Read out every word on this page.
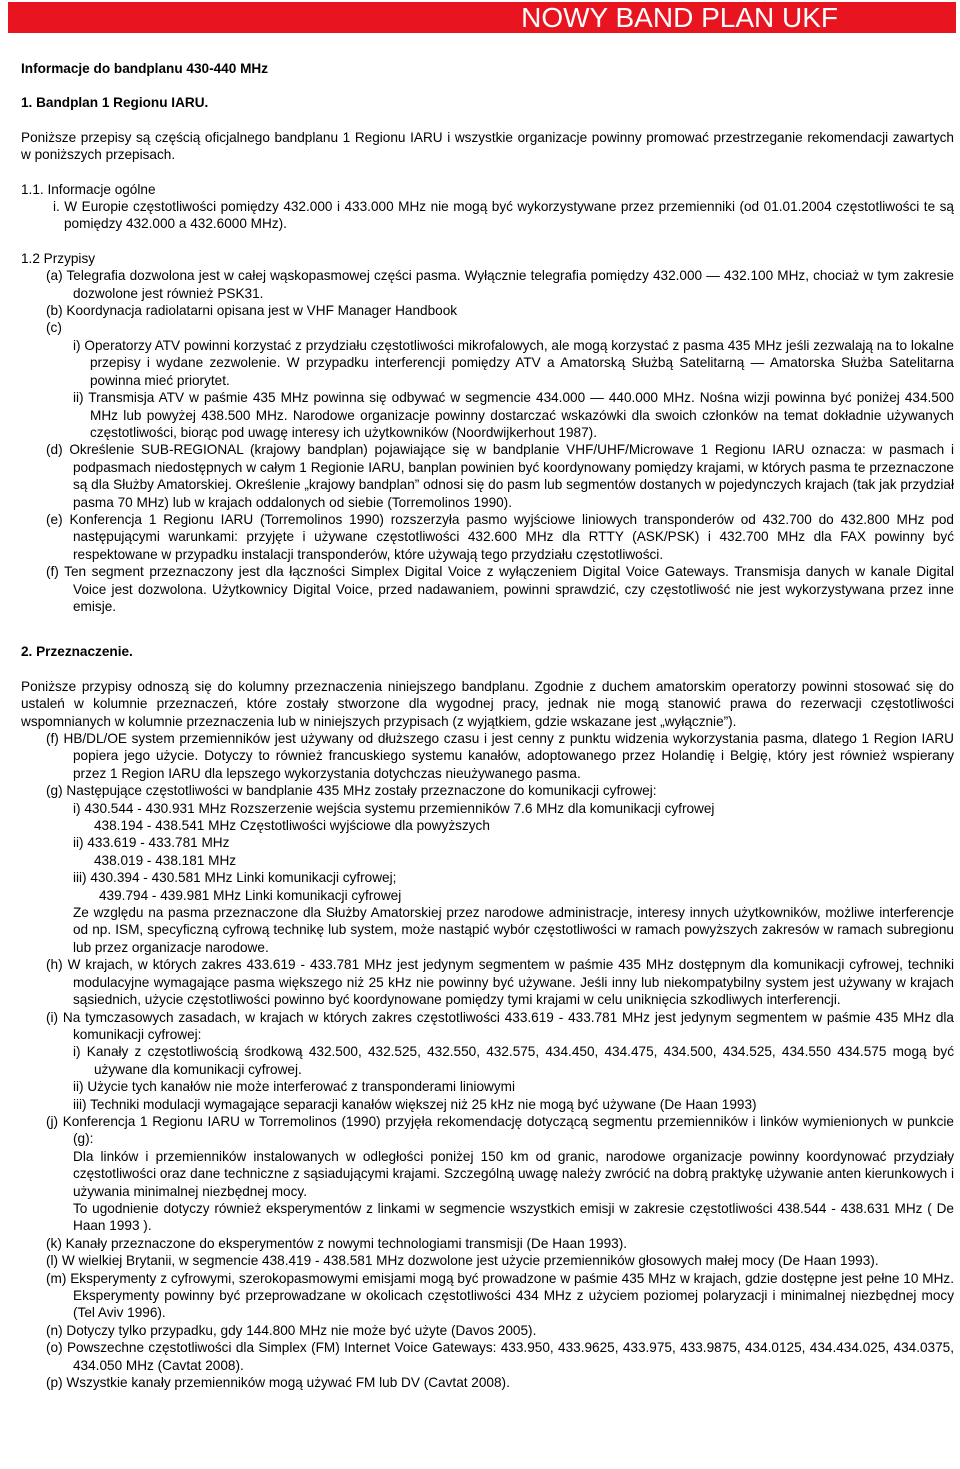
NOWY BAND PLAN UKF
Informacje do bandplanu 430-440 MHz
1. Bandplan 1 Regionu IARU.

Poniższe przepisy są częścią oficjalnego bandplanu 1 Regionu IARU i wszystkie organizacje powinny promować przestrzeganie rekomendacji zawartych w poniższych przepisach.

1.1. Informacje ogólne

i. W Europie częstotliwości pomiędzy 432.000 i 433.000 MHz nie mogą być wykorzystywane przez przemienniki (od 01.01.2004 częstotliwości te są pomiędzy 432.000 a 432.6000 MHz).

1.2 Przypisy

(a) Telegrafia dozwolona jest w całej wąskopasmowej części pasma. Wyłącznie telegrafia pomiędzy 432.000 — 432.100 MHz, chociaż w tym zakresie dozwolone jest również PSK31.

(b) Koordynacja radiolatarni opisana jest w VHF Manager Handbook

(c)

i) Operatorzy ATV powinni korzystać z przydziału częstotliwości mikrofalowych, ale mogą korzystać z pasma 435 MHz jeśli zezwalają na to lokalne przepisy i wydane zezwolenie. W przypadku interferencji pomiędzy ATV a Amatorską Służbą Satelitarną — Amatorska Służba Satelitarna powinna mieć priorytet.

ii) Transmisja ATV w paśmie 435 MHz powinna się odbywać w segmencie 434.000 — 440.000 MHz. Nośna wizji powinna być poniżej 434.500 MHz lub powyżej 438.500 MHz. Narodowe organizacje powinny dostarczać wskazówki dla swoich członków na temat dokładnie używanych częstotliwości, biorąc pod uwagę interesy ich użytkowników (Noordwijkerhout 1987).

(d) Określenie SUB-REGIONAL (krajowy bandplan) pojawiające się w bandplanie VHF/UHF/Microwave 1 Regionu IARU oznacza: w pasmach i podpasmach niedostępnych w całym 1 Regionie IARU, banplan powinien być koordynowany pomiędzy krajami, w których pasma te przeznaczone są dla Służby Amatorskiej. Określenie „krajowy bandplan” odnosi się do pasm lub segmentów dostanych w pojedynczych krajach (tak jak przydział pasma 70 MHz) lub w krajach oddalonych od siebie (Torremolinos 1990).

(e) Konferencja 1 Regionu IARU (Torremolinos 1990) rozszerzyła pasmo wyjściowe liniowych transponderów od 432.700 do 432.800 MHz pod następującymi warunkami: przyjęte i używane częstotliwości 432.600 MHz dla RTTY (ASK/PSK) i 432.700 MHz dla FAX powinny być respektowane w przypadku instalacji transponderów, które używają tego przydziału częstotliwości.

(f) Ten segment przeznaczony jest dla łączności Simplex Digital Voice z wyłączeniem Digital Voice Gateways. Transmisja danych w kanale Digital Voice jest dozwolona. Użytkownicy Digital Voice, przed nadawaniem, powinni sprawdzić, czy częstotliwość nie jest wykorzystywana przez inne emisje.

2. Przeznaczenie.

Poniższe przypisy odnoszą się do kolumny przeznaczenia niniejszego bandplanu. Zgodnie z duchem amatorskim operatorzy powinni stosować się do ustaleń w kolumnie przeznaczeń, które zostały stworzone dla wygodnej pracy, jednak nie mogą stanowić prawa do rezerwacji częstotliwości wspomnianych w kolumnie przeznaczenia lub w niniejszych przypisach (z wyjątkiem, gdzie wskazane jest „wyłącznie”).

(f) HB/DL/OE system przemienników jest używany od dłuższego czasu i jest cenny z punktu widzenia wykorzystania pasma, dlatego 1 Region IARU popiera jego użycie. Dotyczy to również francuskiego systemu kanałów, adoptowanego przez Holandię i Belgię, który jest również wspierany przez 1 Region IARU dla lepszego wykorzystania dotychczas nieużywanego pasma.

(g) Następujące częstotliwości w bandplanie 435 MHz zostały przeznaczone do komunikacji cyfrowej:

i) 430.544 - 430.931 MHz Rozszerzenie wejścia systemu przemienników 7.6 MHz dla komunikacji cyfrowej
438.194 - 438.541 MHz Częstotliwości wyjściowe dla powyższych
ii) 433.619 - 433.781 MHz
438.019 - 438.181 MHz
iii) 430.394 - 430.581 MHz Linki komunikacji cyfrowej;
439.794 - 439.981 MHz Linki komunikacji cyfrowej

Ze względu na pasma przeznaczone dla Służby Amatorskiej przez narodowe administracje, interesy innych użytkowników, możliwe interferencje od np. ISM, specyficzną cyfrową technikę lub system, może nastąpić wybór częstotliwości w ramach powyższych zakresów w ramach subregionu lub przez organizacje narodowe.

(h) W krajach, w których zakres 433.619 - 433.781 MHz jest jedynym segmentem w paśmie 435 MHz dostępnym dla komunikacji cyfrowej, techniki modulacyjne wymagające pasma większego niż 25 kHz nie powinny być używane. Jeśli inny lub niekompatybilny system jest używany w krajach sąsiednich, użycie częstotliwości powinno być koordynowane pomiędzy tymi krajami w celu uniknięcia szkodliwych interferencji.

(i) Na tymczasowych zasadach, w krajach w których zakres częstotliwości 433.619 - 433.781 MHz jest jedynym segmentem w paśmie 435 MHz dla komunikacji cyfrowej:

i) Kanały z częstotliwością środkową 432.500, 432.525, 432.550, 432.575, 434.450, 434.475, 434.500, 434.525, 434.550 434.575 mogą być używane dla komunikacji cyfrowej.

ii) Użycie tych kanałów nie może interferować z transponderami liniowymi

iii) Techniki modulacji wymagające separacji kanałów większej niż 25 kHz nie mogą być używane (De Haan 1993)

(j) Konferencja 1 Regionu IARU w Torremolinos (1990) przyjęła rekomendację dotyczącą segmentu przemienników i linków wymienionych w punkcie (g):

Dla linków i przemienników instalowanych w odległości poniżej 150 km od granic, narodowe organizacje powinny koordynować przydziały częstotliwości oraz dane techniczne z sąsiadującymi krajami. Szczególną uwagę należy zwrócić na dobrą praktykę używanie anten kierunkowych i używania minimalnej niezbędnej mocy.

To ugodnienie dotyczy również eksperymentów z linkami w segmencie wszystkich emisji w zakresie częstotliwości 438.544 - 438.631 MHz ( De Haan 1993 ).

(k) Kanały przeznaczone do eksperymentów z nowymi technologiami transmisji (De Haan 1993).

(l) W wielkiej Brytanii, w segmencie 438.419 - 438.581 MHz dozwolone jest użycie przemienników głosowych małej mocy (De Haan 1993).

(m) Eksperymenty z cyfrowymi, szerokopasmowymi emisjami mogą być prowadzone w paśmie 435 MHz w krajach, gdzie dostępne jest pełne 10 MHz. Eksperymenty powinny być przeprowadzane w okolicach częstotliwości 434 MHz z użyciem poziomej polaryzacji i minimalnej niezbędnej mocy (Tel Aviv 1996).

(n) Dotyczy tylko przypadku, gdy 144.800 MHz nie może być użyte (Davos 2005).

(o) Powszechne częstotliwości dla Simplex (FM) Internet Voice Gateways: 433.950, 433.9625, 433.975, 433.9875, 434.0125, 434.434.025, 434.0375, 434.050 MHz (Cavtat 2008).

(p) Wszystkie kanały przemienników mogą używać FM lub DV (Cavtat 2008).
